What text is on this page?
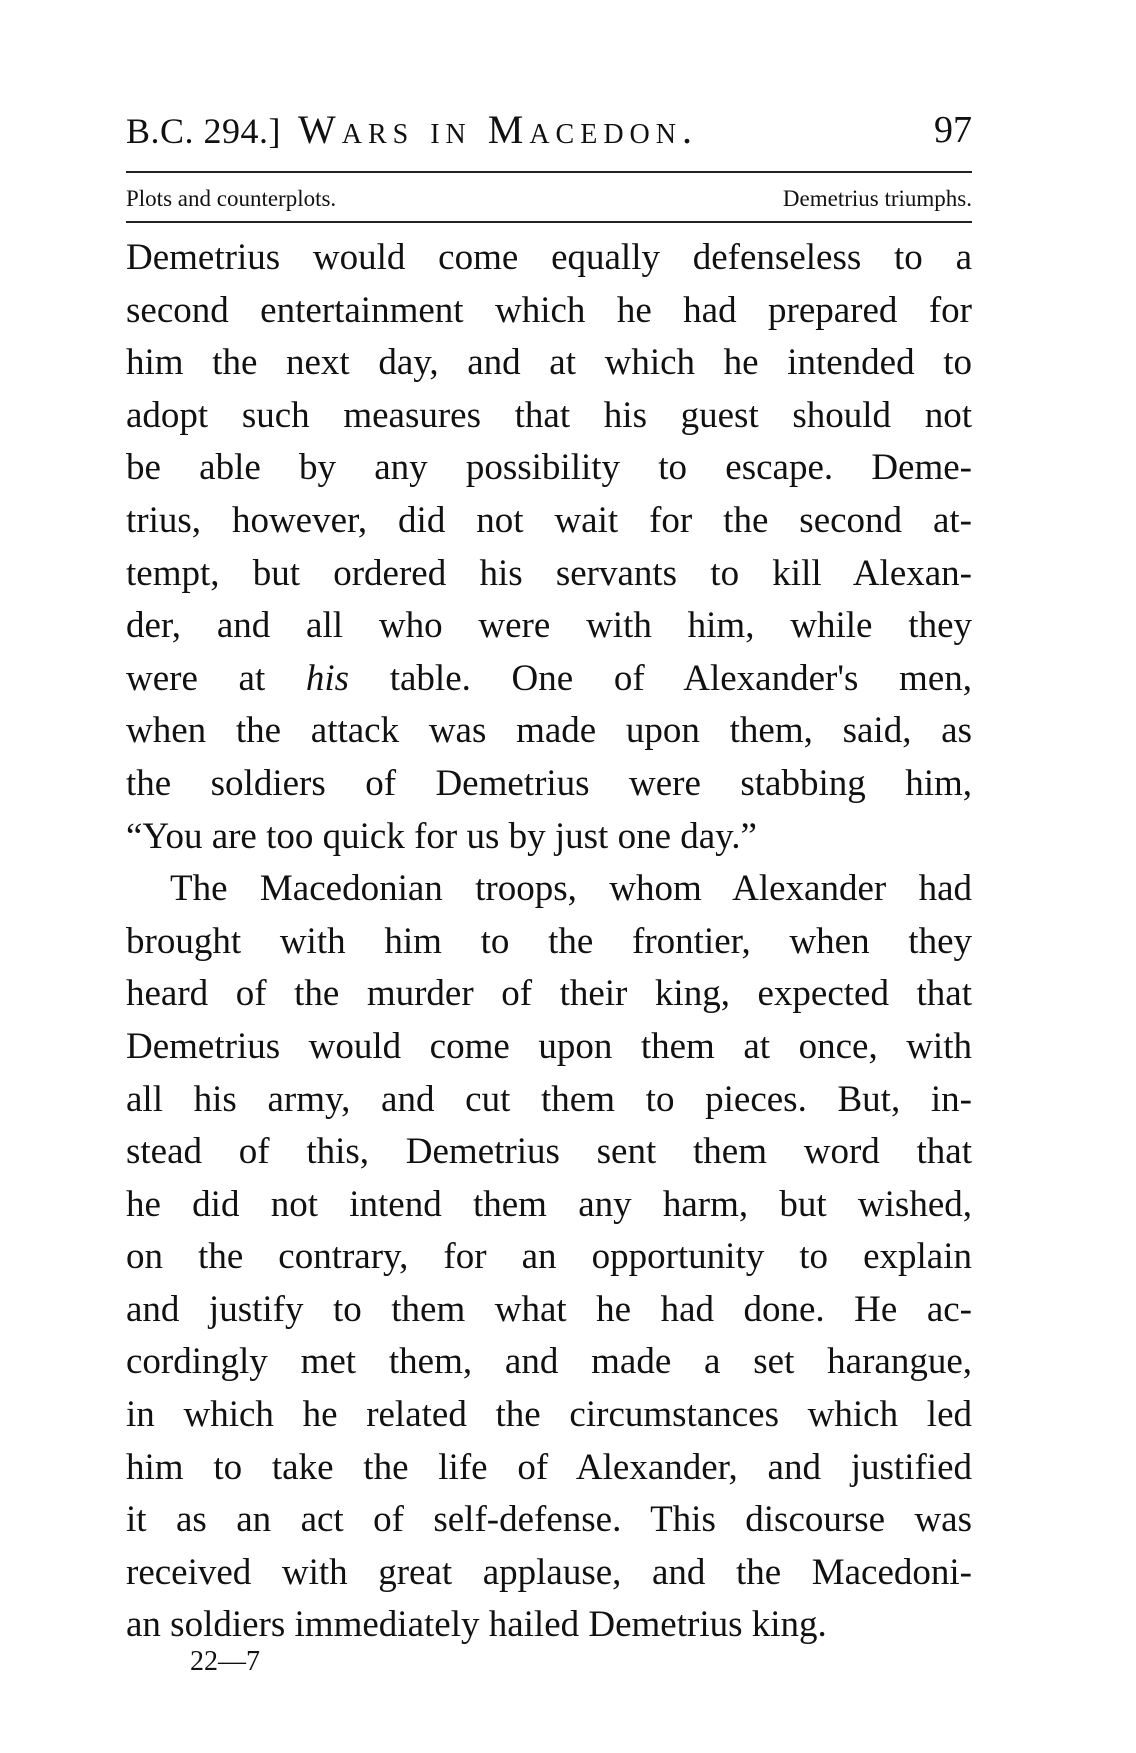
B.C. 294.] Wars in Macedon.	97
Plots and counterplots.	Demetrius triumphs.
Demetrius would come equally defenseless to a
second entertainment which he had prepared for
him the next day, and at which he intended to
adopt such measures that his guest should not
be able by any possibility to escape. Deme-
trius, however, did not wait for the second at-
tempt, but ordered his servants to kill Alexan-
der, and all who were with him, while they
were at his table. One of Alexander's men,
when the attack was made upon them, said, as
the soldiers of Demetrius were stabbing him,
“You are too quick for us by just one day.”
The Macedonian troops, whom Alexander had
brought with him to the frontier, when they
heard of the murder of their king, expected that
Demetrius would come upon them at once, with
all his army, and cut them to pieces. But, in-
stead of this, Demetrius sent them word that
he did not intend them any harm, but wished,
on the contrary, for an opportunity to explain
and justify to them what he had done. He ac-
cordingly met them, and made a set harangue,
in which he related the circumstances which led
him to take the life of Alexander, and justified
it as an act of self-defense. This discourse was
received with great applause, and the Macedoni-
an soldiers immediately hailed Demetrius king.
22—7
